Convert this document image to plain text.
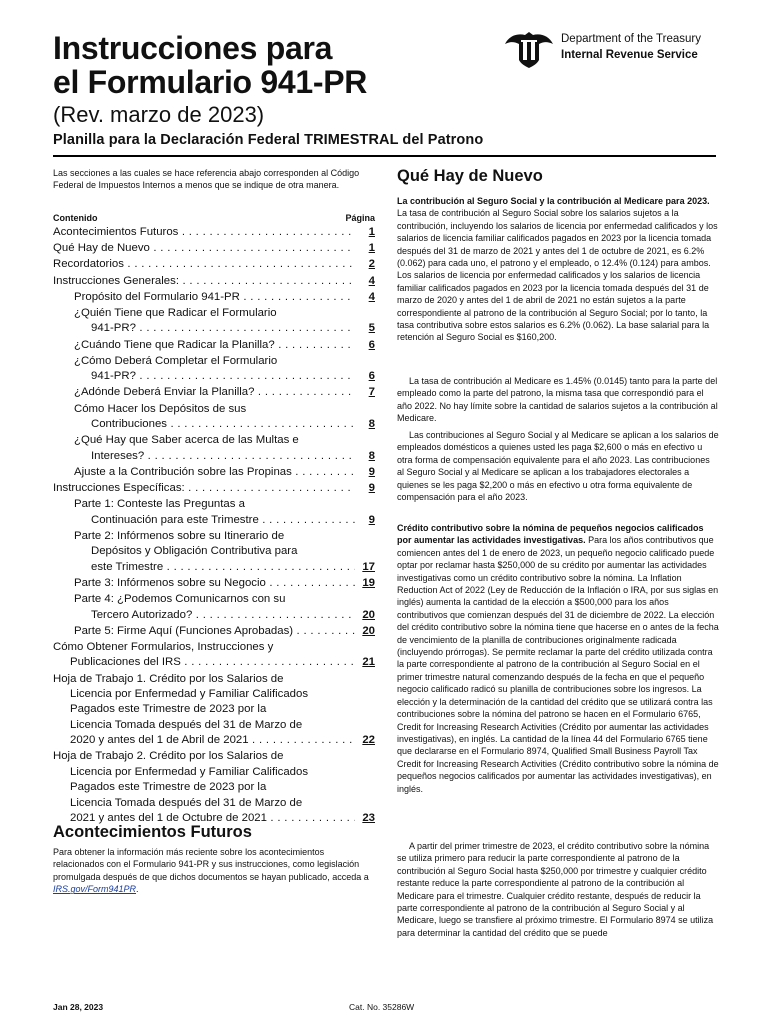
Instrucciones para
el Formulario 941-PR

(Rev. marzo de 2023)

Planilla para la Declaración Federal TRIMESTRAL del Patrono

Department of the Treasury
Internal Revenue Service

Las secciones a las cuales se hace referencia abajo corresponden al Código Federal de Impuestos Internos a menos que se indique de otra manera.

Contenido	Página
Acontecimientos Futuros . . .	1
Qué Hay de Nuevo . . .	1
Recordatorios . . .	2
Instrucciones Generales: . . .	4
Propósito del Formulario 941-PR . . .	4
¿Quién Tiene que Radicar el Formulario
941-PR? . . .	5
¿Cuándo Tiene que Radicar la Planilla? . . .	6
¿Cómo Deberá Completar el Formulario
941-PR? . . .	6
¿Adónde Deberá Enviar la Planilla? . . .	7
Cómo Hacer los Depósitos de sus
Contribuciones . . .	8
¿Qué Hay que Saber acerca de las Multas e
Intereses? . . .	8
Ajuste a la Contribución sobre las Propinas . . .	9
Instrucciones Específicas: . . .	9
Parte 1: Conteste las Preguntas a
Continuación para este Trimestre . . .	9
Parte 2: Infórmenos sobre su Itinerario de
Depósitos y Obligación Contributiva para
este Trimestre . . .	17
Parte 3: Infórmenos sobre su Negocio . . .	19
Parte 4: ¿Podemos Comunicarnos con su
Tercero Autorizado? . . .	20
Parte 5: Firme Aquí (Funciones Aprobadas) . . .	20
Cómo Obtener Formularios, Instrucciones y
Publicaciones del IRS . . .	21
Hoja de Trabajo 1. Crédito por los Salarios de
Licencia por Enfermedad y Familiar Calificados
Pagados este Trimestre de 2023 por la
Licencia Tomada después del 31 de Marzo de
2020 y antes del 1 de Abril de 2021 . . .	22
Hoja de Trabajo 2. Crédito por los Salarios de
Licencia por Enfermedad y Familiar Calificados
Pagados este Trimestre de 2023 por la
Licencia Tomada después del 31 de Marzo de
2021 y antes del 1 de Octubre de 2021 . . .	23
Acontecimientos Futuros

Para obtener la información más reciente sobre los acontecimientos relacionados con el Formulario 941-PR y sus instrucciones, como legislación promulgada después de que dichos documentos se hayan publicado, acceda a IRS.gov/Form941PR.

Qué Hay de Nuevo

La contribución al Seguro Social y la contribución al Medicare para 2023. La tasa de contribución al Seguro Social sobre los salarios sujetos a la contribución, incluyendo los salarios de licencia por enfermedad calificados y los salarios de licencia familiar calificados pagados en 2023 por la licencia tomada después del 31 de marzo de 2021 y antes del 1 de octubre de 2021, es 6.2% (0.062) para cada uno, el patrono y el empleado, o 12.4% (0.124) para ambos. Los salarios de licencia por enfermedad calificados y los salarios de licencia familiar calificados pagados en 2023 por la licencia tomada después del 31 de marzo de 2020 y antes del 1 de abril de 2021 no están sujetos a la parte correspondiente al patrono de la contribución al Seguro Social; por lo tanto, la tasa contributiva sobre estos salarios es 6.2% (0.062). La base salarial para la retención al Seguro Social es $160,200.

La tasa de contribución al Medicare es 1.45% (0.0145) tanto para la parte del empleado como la parte del patrono, la misma tasa que correspondió para el año 2022. No hay límite sobre la cantidad de salarios sujetos a la contribución al Medicare.

Las contribuciones al Seguro Social y al Medicare se aplican a los salarios de empleados domésticos a quienes usted les paga $2,600 o más en efectivo u otra forma de compensación equivalente para el año 2023. Las contribuciones al Seguro Social y al Medicare se aplican a los trabajadores electorales a quienes se les paga $2,200 o más en efectivo u otra forma equivalente de compensación para el año 2023.

Crédito contributivo sobre la nómina de pequeños negocios calificados por aumentar las actividades investigativas. Para los años contributivos que comiencen antes del 1 de enero de 2023, un pequeño negocio calificado puede optar por reclamar hasta $250,000 de su crédito por aumentar las actividades investigativas como un crédito contributivo sobre la nómina. La Inflation Reduction Act of 2022 (Ley de Reducción de la Inflación o IRA, por sus siglas en inglés) aumenta la cantidad de la elección a $500,000 para los años contributivos que comienzan después del 31 de diciembre de 2022. La elección del crédito contributivo sobre la nómina tiene que hacerse en o antes de la fecha de vencimiento de la planilla de contribuciones originalmente radicada (incluyendo prórrogas). Se permite reclamar la parte del crédito utilizada contra la parte correspondiente al patrono de la contribución al Seguro Social en el primer trimestre natural comenzando después de la fecha en que el pequeño negocio calificado radicó su planilla de contribuciones sobre los ingresos. La elección y la determinación de la cantidad del crédito que se utilizará contra las contribuciones sobre la nómina del patrono se hacen en el Formulario 6765, Credit for Increasing Research Activities (Crédito por aumentar las actividades investigativas), en inglés. La cantidad de la línea 44 del Formulario 6765 tiene que declararse en el Formulario 8974, Qualified Small Business Payroll Tax Credit for Increasing Research Activities (Crédito contributivo sobre la nómina de pequeños negocios calificados por aumentar las actividades investigativas), en inglés.

A partir del primer trimestre de 2023, el crédito contributivo sobre la nómina se utiliza primero para reducir la parte correspondiente al patrono de la contribución al Seguro Social hasta $250,000 por trimestre y cualquier crédito restante reduce la parte correspondiente al patrono de la contribución al Medicare para el trimestre. Cualquier crédito restante, después de reducir la parte correspondiente al patrono de la contribución al Seguro Social y al Medicare, luego se transfiere al próximo trimestre. El Formulario 8974 se utiliza para determinar la cantidad del crédito que se puede

Jan 28, 2023	Cat. No. 35286W
